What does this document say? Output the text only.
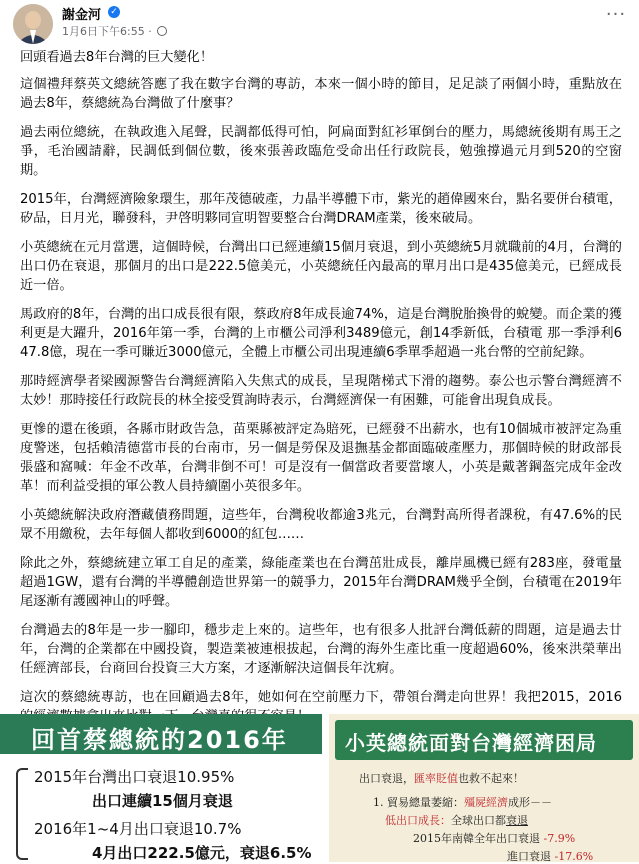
謝金河 ✓
1月6日下午6:55 ·
···

回頭看過去8年台灣的巨大變化！

這個禮拜蔡英文總統答應了我在數字台灣的專訪，本來一個小時的節目，足足談了兩個小時，重點放在過去8年，蔡總統為台灣做了什麼事？

過去兩位總統，在執政進入尾聲，民調都低得可怕，阿扁面對紅衫軍倒台的壓力，馬總統後期有馬王之爭，毛治國請辭，民調低到個位數，後來張善政臨危受命出任行政院長，勉強撐過元月到520的空窗期。

2015年，台灣經濟險象環生，那年茂德破產，力晶半導體下市，紫光的趙偉國來台，點名要併台積電，矽品，日月光，聯發科，尹啓明夥同宣明智要整合台灣DRAM產業，後來破局。

小英總統在元月當選，這個時候，台灣出口已經連續15個月衰退，到小英總統5月就職前的4月，台灣的出口仍在衰退，那個月的出口是222.5億美元，小英總統任內最高的單月出口是435億美元，已經成長近一倍。

馬政府的8年，台灣的出口成長很有限，蔡政府8年成長逾74%，這是台灣脫胎換骨的蛻變。而企業的獲利更是大躍升，2016年第一季，台灣的上市櫃公司淨利3489億元，創14季新低，台積電 那一季淨利647.8億，現在一季可賺近3000億元，全體上市櫃公司出現連續6季單季超過一兆台幣的空前紀錄。

那時經濟學者梁國源警告台灣經濟陷入失焦式的成長，呈現階梯式下滑的趨勢。泰公也示警台灣經濟不太妙！那時接任行政院長的林全接受質詢時表示，台灣經濟保一有困難，可能會出現負成長。

更慘的還在後頭，各縣市財政告急，苗栗縣被評定為賠死，已經發不出薪水，也有10個城市被評定為重度警迷，包括賴清德當市長的台南市，另一個是勞保及退撫基金都面臨破產壓力，那個時候的財政部長張盛和窩喊：年金不改革，台灣非倒不可！可是沒有一個當政者要當壞人，小英是戴著鋼盔完成年金改革！而利益受損的軍公教人員持續圍小英很多年。

小英總統解決政府潛藏債務問題，這些年，台灣稅收都逾3兆元，台灣對高所得者課稅，有47.6%的民眾不用繳稅，去年每個人都收到6000的紅包……

除此之外，蔡總統建立軍工自足的產業，綠能產業也在台灣茁壯成長，離岸風機已經有283座，發電量超過1GW，還有台灣的半導體創造世界第一的競爭力，2015年台灣DRAM幾乎全倒，台積電在2019年尾逐漸有護國神山的呼聲。

台灣過去的8年是一步一腳印，穩步走上來的。這些年，也有很多人批評台灣低薪的問題，這是過去廿年，台灣的企業都在中國投資，製造業被連根拔起，台灣的海外生產比重一度超過60%，後來洪榮華出任經濟部長，台商回台投資三大方案，才逐漸解決這個長年沈痾。

這次的蔡總統專訪，也在回顧過去8年，她如何在空前壓力下，帶領台灣走向世界！我把2015，2016

回首蔡總統的2016年
2015年台灣出口衰退10.95%
出口連續15個月衰退
2016年1~4月出口衰退10.7%
4月出口222.5億元，衰退6.5%
小英總統面對台灣經濟困局
出口衰退，匯率貶值也救不起來！
1. 貿易總量萎縮：殭屍經濟成形－－
低出口成長：全球出口都衰退
2015年南韓全年出口衰退 -7.9%
進口衰退 -17.6%
